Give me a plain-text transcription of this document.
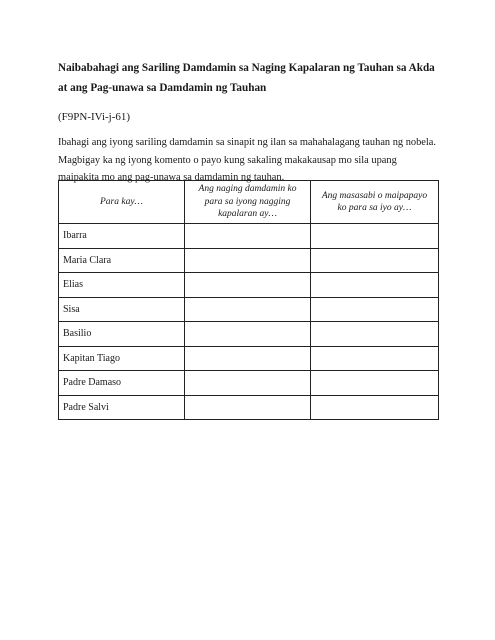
Naibabahagi ang Sariling Damdamin sa Naging Kapalaran ng Tauhan sa Akda at ang Pag-unawa sa Damdamin ng Tauhan

(F9PN-IVi-j-61)

Ibahagi ang iyong sariling damdamin sa sinapit ng ilan sa mahahalagang tauhan ng nobela. Magbigay ka ng iyong komento o payo kung sakaling makakausap mo sila upang maipakita mo ang pag-unawa sa damdamin ng tauhan.

Para kay…	Ang naging damdamin ko para sa iyong nagging kapalaran ay…	Ang masasabi o maipapayo ko para sa iyo ay…
Ibarra		
Maria Clara		
Elias		
Sisa		
Basilio		
Kapitan Tiago		
Padre Damaso		
Padre Salvi		
